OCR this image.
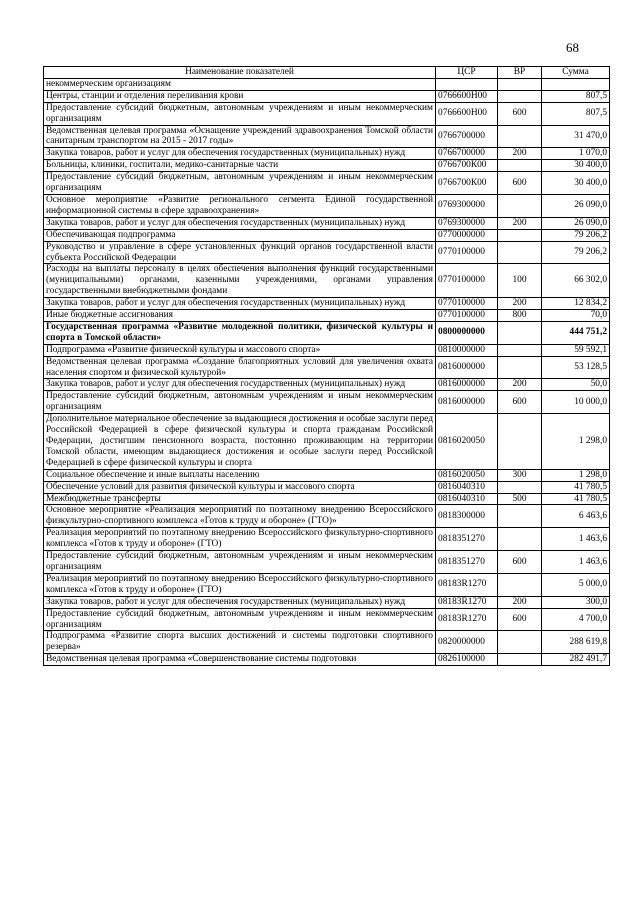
68
Наименование показателей	ЦСР	ВР	Сумма
некоммерческим организациям			
Центры, станции и отделения переливания крови	0766600Н00		807,5
Предоставление субсидий бюджетным, автономным учреждениям и иным некоммерческим организациям	0766600Н00	600	807,5
Ведомственная целевая программа «Оснащение учреждений здравоохранения Томской области санитарным транспортом на 2015 - 2017 годы»	0766700000		31 470,0
Закупка товаров, работ и услуг для обеспечения государственных (муниципальных) нужд	0766700000	200	1 070,0
Больницы, клиники, госпитали, медико-санитарные части	0766700К00		30 400,0
Предоставление субсидий бюджетным, автономным учреждениям и иным некоммерческим организациям	0766700К00	600	30 400,0
Основное мероприятие «Развитие регионального сегмента Единой государственной информационной системы в сфере здравоохранения»	0769300000		26 090,0
Закупка товаров, работ и услуг для обеспечения государственных (муниципальных) нужд	0769300000	200	26 090,0
Обеспечивающая подпрограмма	0770000000		79 206,2
Руководство и управление в сфере установленных функций органов государственной власти субъекта Российской Федерации	0770100000		79 206,2
Расходы на выплаты персоналу в целях обеспечения выполнения функций государственными (муниципальными) органами, казенными учреждениями, органами управления государственными внебюджетными фондами	0770100000	100	66 302,0
Закупка товаров, работ и услуг для обеспечения государственных (муниципальных) нужд	0770100000	200	12 834,2
Иные бюджетные ассигнования	0770100000	800	70,0
Государственная программа «Развитие молодежной политики, физической культуры и спорта в Томской области»	0800000000		444 751,2
Подпрограмма «Развитие физической культуры и массового спорта»	0810000000		59 592,1
Ведомственная целевая программа «Создание благоприятных условий для увеличения охвата населения спортом и физической культурой»	0816000000		53 128,5
Закупка товаров, работ и услуг для обеспечения государственных (муниципальных) нужд	0816000000	200	50,0
Предоставление субсидий бюджетным, автономным учреждениям и иным некоммерческим организациям	0816000000	600	10 000,0
Дополнительное материальное обеспечение за выдающиеся достижения и особые заслуги перед Российской Федерацией в сфере физической культуры и спорта гражданам Российской Федерации, достигшим пенсионного возраста, постоянно проживающим на территории Томской области, имеющим выдающиеся достижения и особые заслуги перед Российской Федерацией в сфере физической культуры и спорта	0816020050		1 298,0
Социальное обеспечение и иные выплаты населению	0816020050	300	1 298,0
Обеспечение условий для развития физической культуры и массового спорта	0816040310		41 780,5
Межбюджетные трансферты	0816040310	500	41 780,5
Основное мероприятие «Реализация мероприятий по поэтапному внедрению Всероссийского физкультурно-спортивного комплекса «Готов к труду и обороне» (ГТО)»	0818300000		6 463,6
Реализация мероприятий по поэтапному внедрению Всероссийского физкультурно-спортивного комплекса «Готов к труду и обороне» (ГТО)	0818351270		1 463,6
Предоставление субсидий бюджетным, автономным учреждениям и иным некоммерческим организациям	0818351270	600	1 463,6
Реализация мероприятий по поэтапному внедрению Всероссийского физкультурно-спортивного комплекса «Готов к труду и обороне» (ГТО)	08183R1270		5 000,0
Закупка товаров, работ и услуг для обеспечения государственных (муниципальных) нужд	08183R1270	200	300,0
Предоставление субсидий бюджетным, автономным учреждениям и иным некоммерческим организациям	08183R1270	600	4 700,0
Подпрограмма «Развитие спорта высших достижений и системы подготовки спортивного резерва»	0820000000		288 619,8
Ведомственная целевая программа «Совершенствование системы подготовки	0826100000		282 491,7
